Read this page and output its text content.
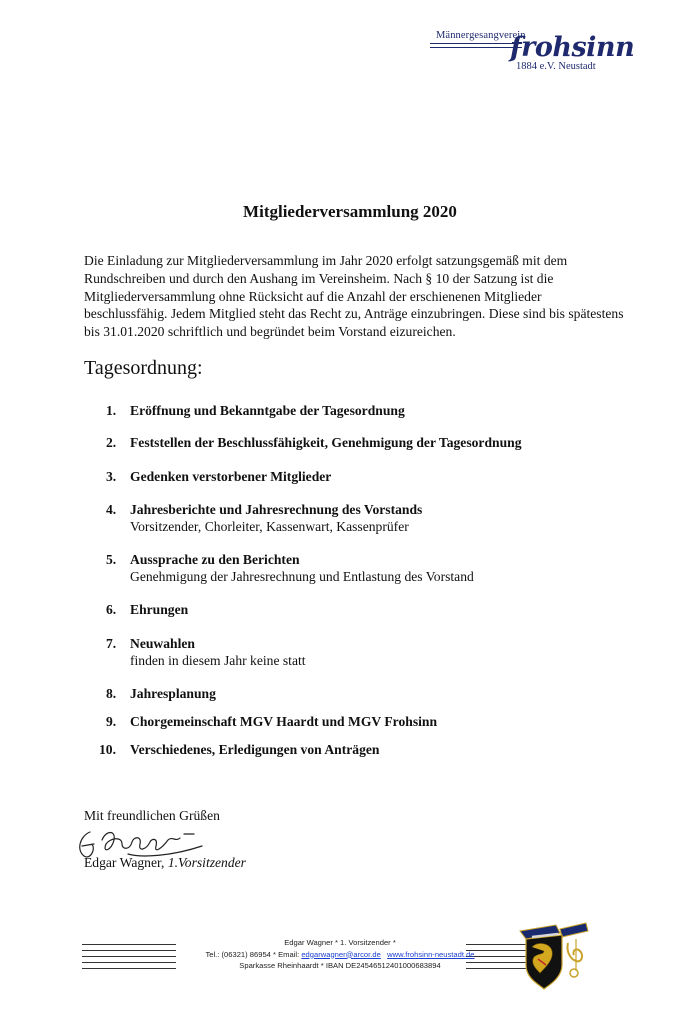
Männergesangverein
frohsinn
1884 e.V. Neustadt
Mitgliederversammlung 2020

Die Einladung zur Mitgliederversammlung im Jahr 2020 erfolgt satzungsgemäß mit dem Rundschreiben und durch den Aushang im Vereinsheim. Nach § 10 der Satzung ist die Mitgliederversammlung ohne Rücksicht auf die Anzahl der erschienenen Mitglieder beschlussfähig. Jedem Mitglied steht das Recht zu, Anträge einzubringen. Diese sind bis spätestens bis 31.01.2020 schriftlich und begründet beim Vorstand eizureichen.

Tagesordnung:
1. Eröffnung und Bekanntgabe der Tagesordnung
2. Feststellen der Beschlussfähigkeit, Genehmigung der Tagesordnung
3. Gedenken verstorbener Mitglieder
4. Jahresberichte und Jahresrechnung des Vorstands
Vorsitzender, Chorleiter, Kassenwart, Kassenprüfer
5. Aussprache zu den Berichten
Genehmigung der Jahresrechnung und Entlastung des Vorstand
6. Ehrungen
7. Neuwahlen
finden in diesem Jahr keine statt
8. Jahresplanung
9. Chorgemeinschaft MGV Haardt und MGV Frohsinn
10. Verschiedenes, Erledigungen von Anträgen
Mit freundlichen Grüßen
Edgar Wagner, 1.Vorsitzender
Edgar Wagner * 1. Vorsitzender *
Tel.: (06321) 86954 * Email: edgarwagner@arcor.de www.frohsinn-neustadt.de
Sparkasse Rheinhaardt * IBAN DE24546512401000683894
